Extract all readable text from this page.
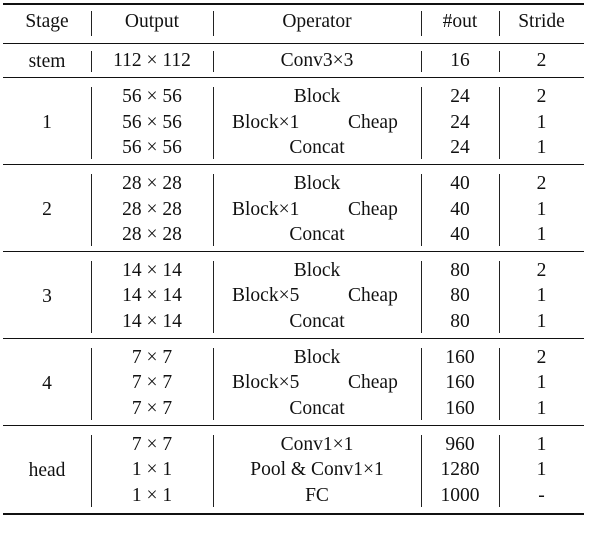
Stage	Output	Operator	#out	Stride
stem	112 × 112	Conv3×3	16	2
1
56 × 56	Block	24	2
56 × 56	Block×1	Cheap	24	1
56 × 56	Concat	24	1
2
28 × 28	Block	40	2
28 × 28	Block×1	Cheap	40	1
28 × 28	Concat	40	1
3
14 × 14	Block	80	2
14 × 14	Block×5	Cheap	80	1
14 × 14	Concat	80	1
4
7 × 7	Block	160	2
7 × 7	Block×5	Cheap	160	1
7 × 7	Concat	160	1
head
7 × 7	Conv1×1	960	1
1 × 1	Pool & Conv1×1	1280	1
1 × 1	FC	1000	-
